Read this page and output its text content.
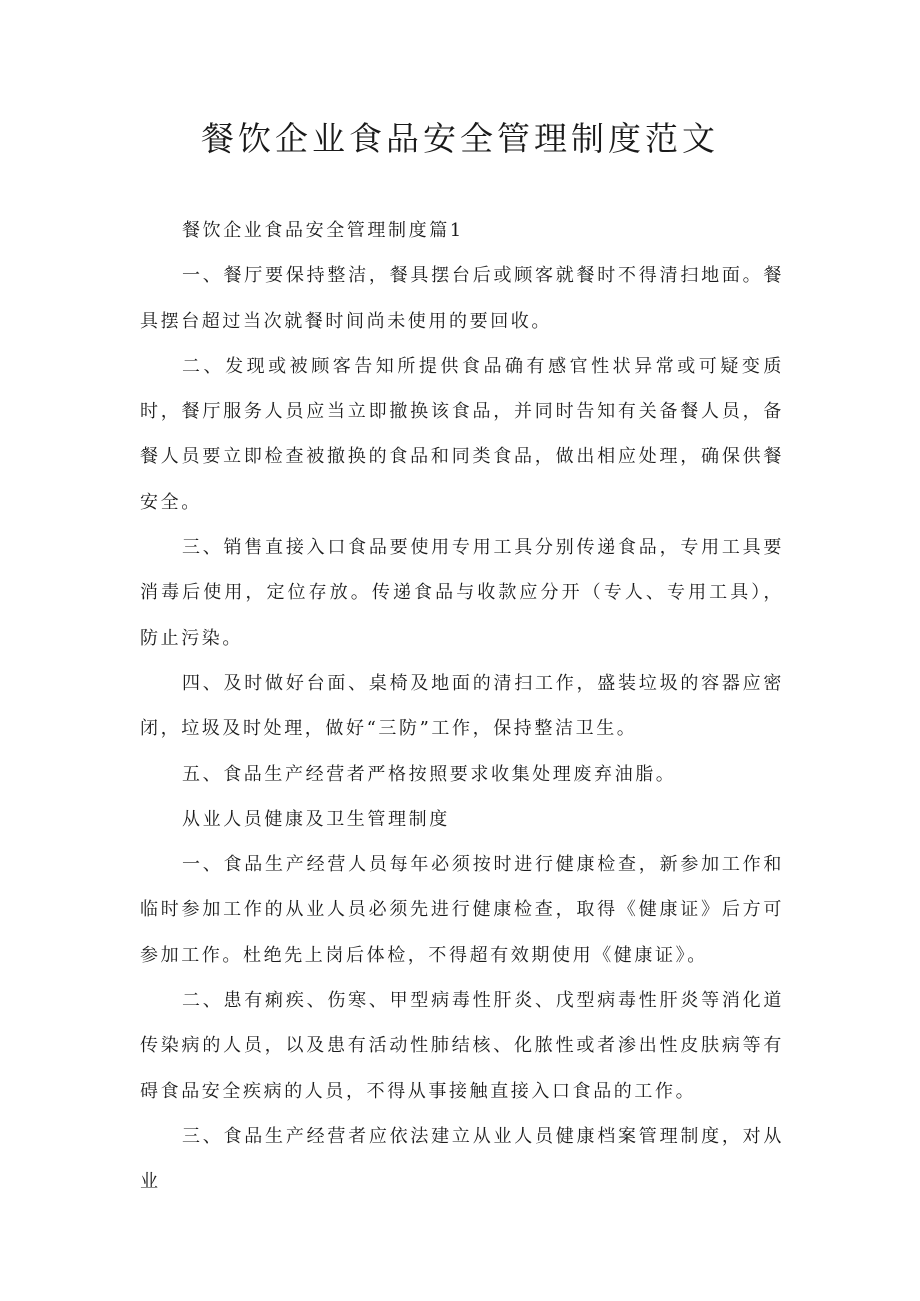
餐饮企业食品安全管理制度范文

餐饮企业食品安全管理制度篇1

一、餐厅要保持整洁，餐具摆台后或顾客就餐时不得清扫地面。餐具摆台超过当次就餐时间尚未使用的要回收。

二、发现或被顾客告知所提供食品确有感官性状异常或可疑变质时，餐厅服务人员应当立即撤换该食品，并同时告知有关备餐人员，备餐人员要立即检查被撤换的食品和同类食品，做出相应处理，确保供餐安全。

三、销售直接入口食品要使用专用工具分别传递食品，专用工具要消毒后使用，定位存放。传递食品与收款应分开（专人、专用工具），防止污染。

四、及时做好台面、桌椅及地面的清扫工作，盛装垃圾的容器应密闭，垃圾及时处理，做好“三防”工作，保持整洁卫生。

五、食品生产经营者严格按照要求收集处理废弃油脂。

从业人员健康及卫生管理制度

一、食品生产经营人员每年必须按时进行健康检查，新参加工作和临时参加工作的从业人员必须先进行健康检查，取得《健康证》后方可参加工作。杜绝先上岗后体检，不得超有效期使用《健康证》。

二、患有痢疾、伤寒、甲型病毒性肝炎、戊型病毒性肝炎等消化道传染病的人员，以及患有活动性肺结核、化脓性或者渗出性皮肤病等有碍食品安全疾病的人员，不得从事接触直接入口食品的工作。

三、食品生产经营者应依法建立从业人员健康档案管理制度，对从业
